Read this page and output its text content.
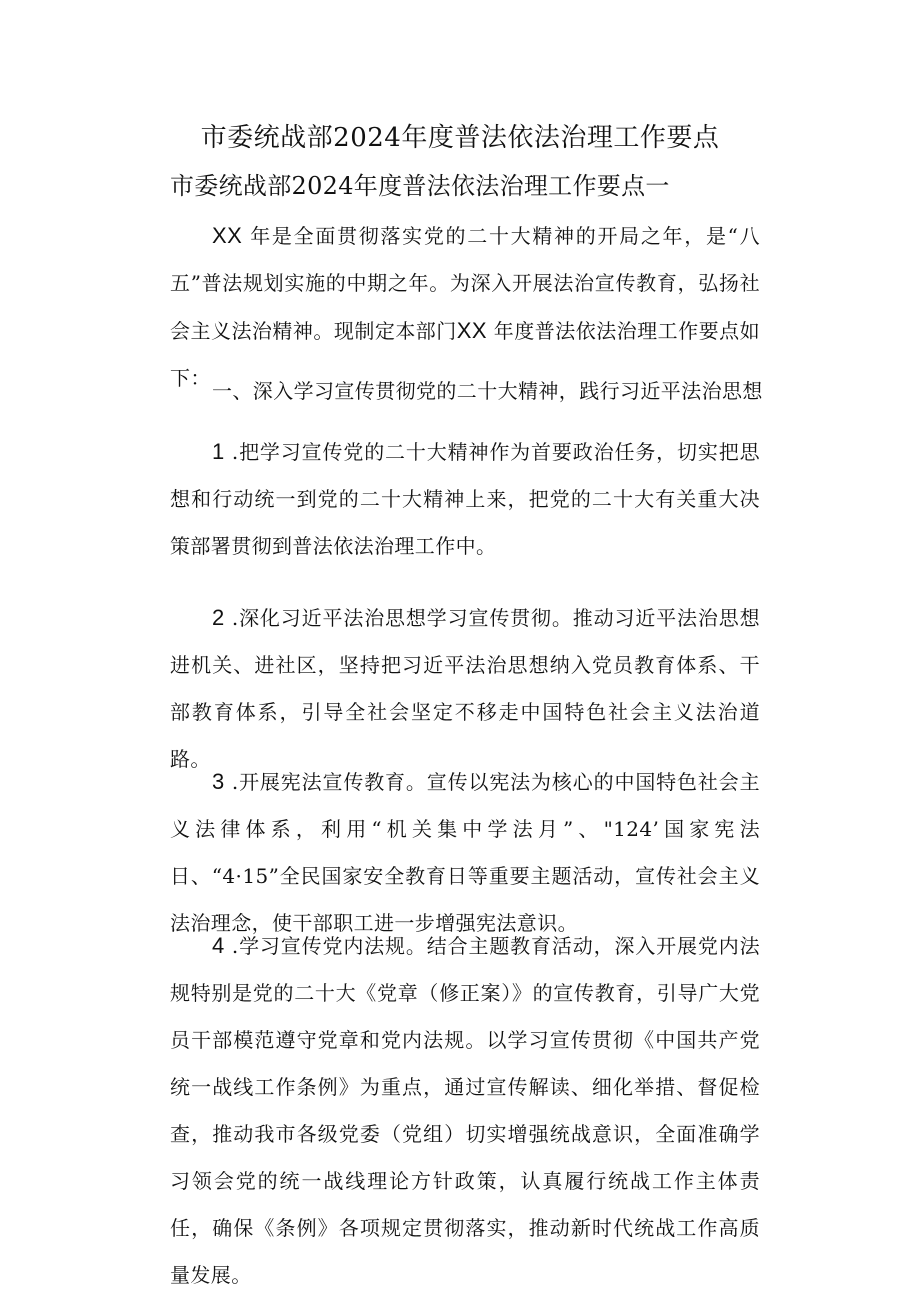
市委统战部2024年度普法依法治理工作要点
市委统战部2024年度普法依法治理工作要点一

XX 年是全面贯彻落实党的二十大精神的开局之年，是“八五”普法规划实施的中期之年。为深入开展法治宣传教育，弘扬社会主义法治精神。现制定本部门XX 年度普法依法治理工作要点如下：

一、深入学习宣传贯彻党的二十大精神，践行习近平法治思想

1 .把学习宣传党的二十大精神作为首要政治任务，切实把思想和行动统一到党的二十大精神上来，把党的二十大有关重大决策部署贯彻到普法依法治理工作中。

2 .深化习近平法治思想学习宣传贯彻。推动习近平法治思想进机关、进社区，坚持把习近平法治思想纳入党员教育体系、干部教育体系，引导全社会坚定不移走中国特色社会主义法治道路。

3 .开展宪法宣传教育。宣传以宪法为核心的中国特色社会主义法律体系，利用“机关集中学法月”、"124’国家宪法日、“4·15”全民国家安全教育日等重要主题活动，宣传社会主义法治理念，使干部职工进一步增强宪法意识。

4 .学习宣传党内法规。结合主题教育活动，深入开展党内法规特别是党的二十大《党章（修正案）》的宣传教育，引导广大党员干部模范遵守党章和党内法规。以学习宣传贯彻《中国共产党统一战线工作条例》为重点，通过宣传解读、细化举措、督促检查，推动我市各级党委（党组）切实增强统战意识，全面准确学习领会党的统一战线理论方针政策，认真履行统战工作主体责任，确保《条例》各项规定贯彻落实，推动新时代统战工作高质量发展。
